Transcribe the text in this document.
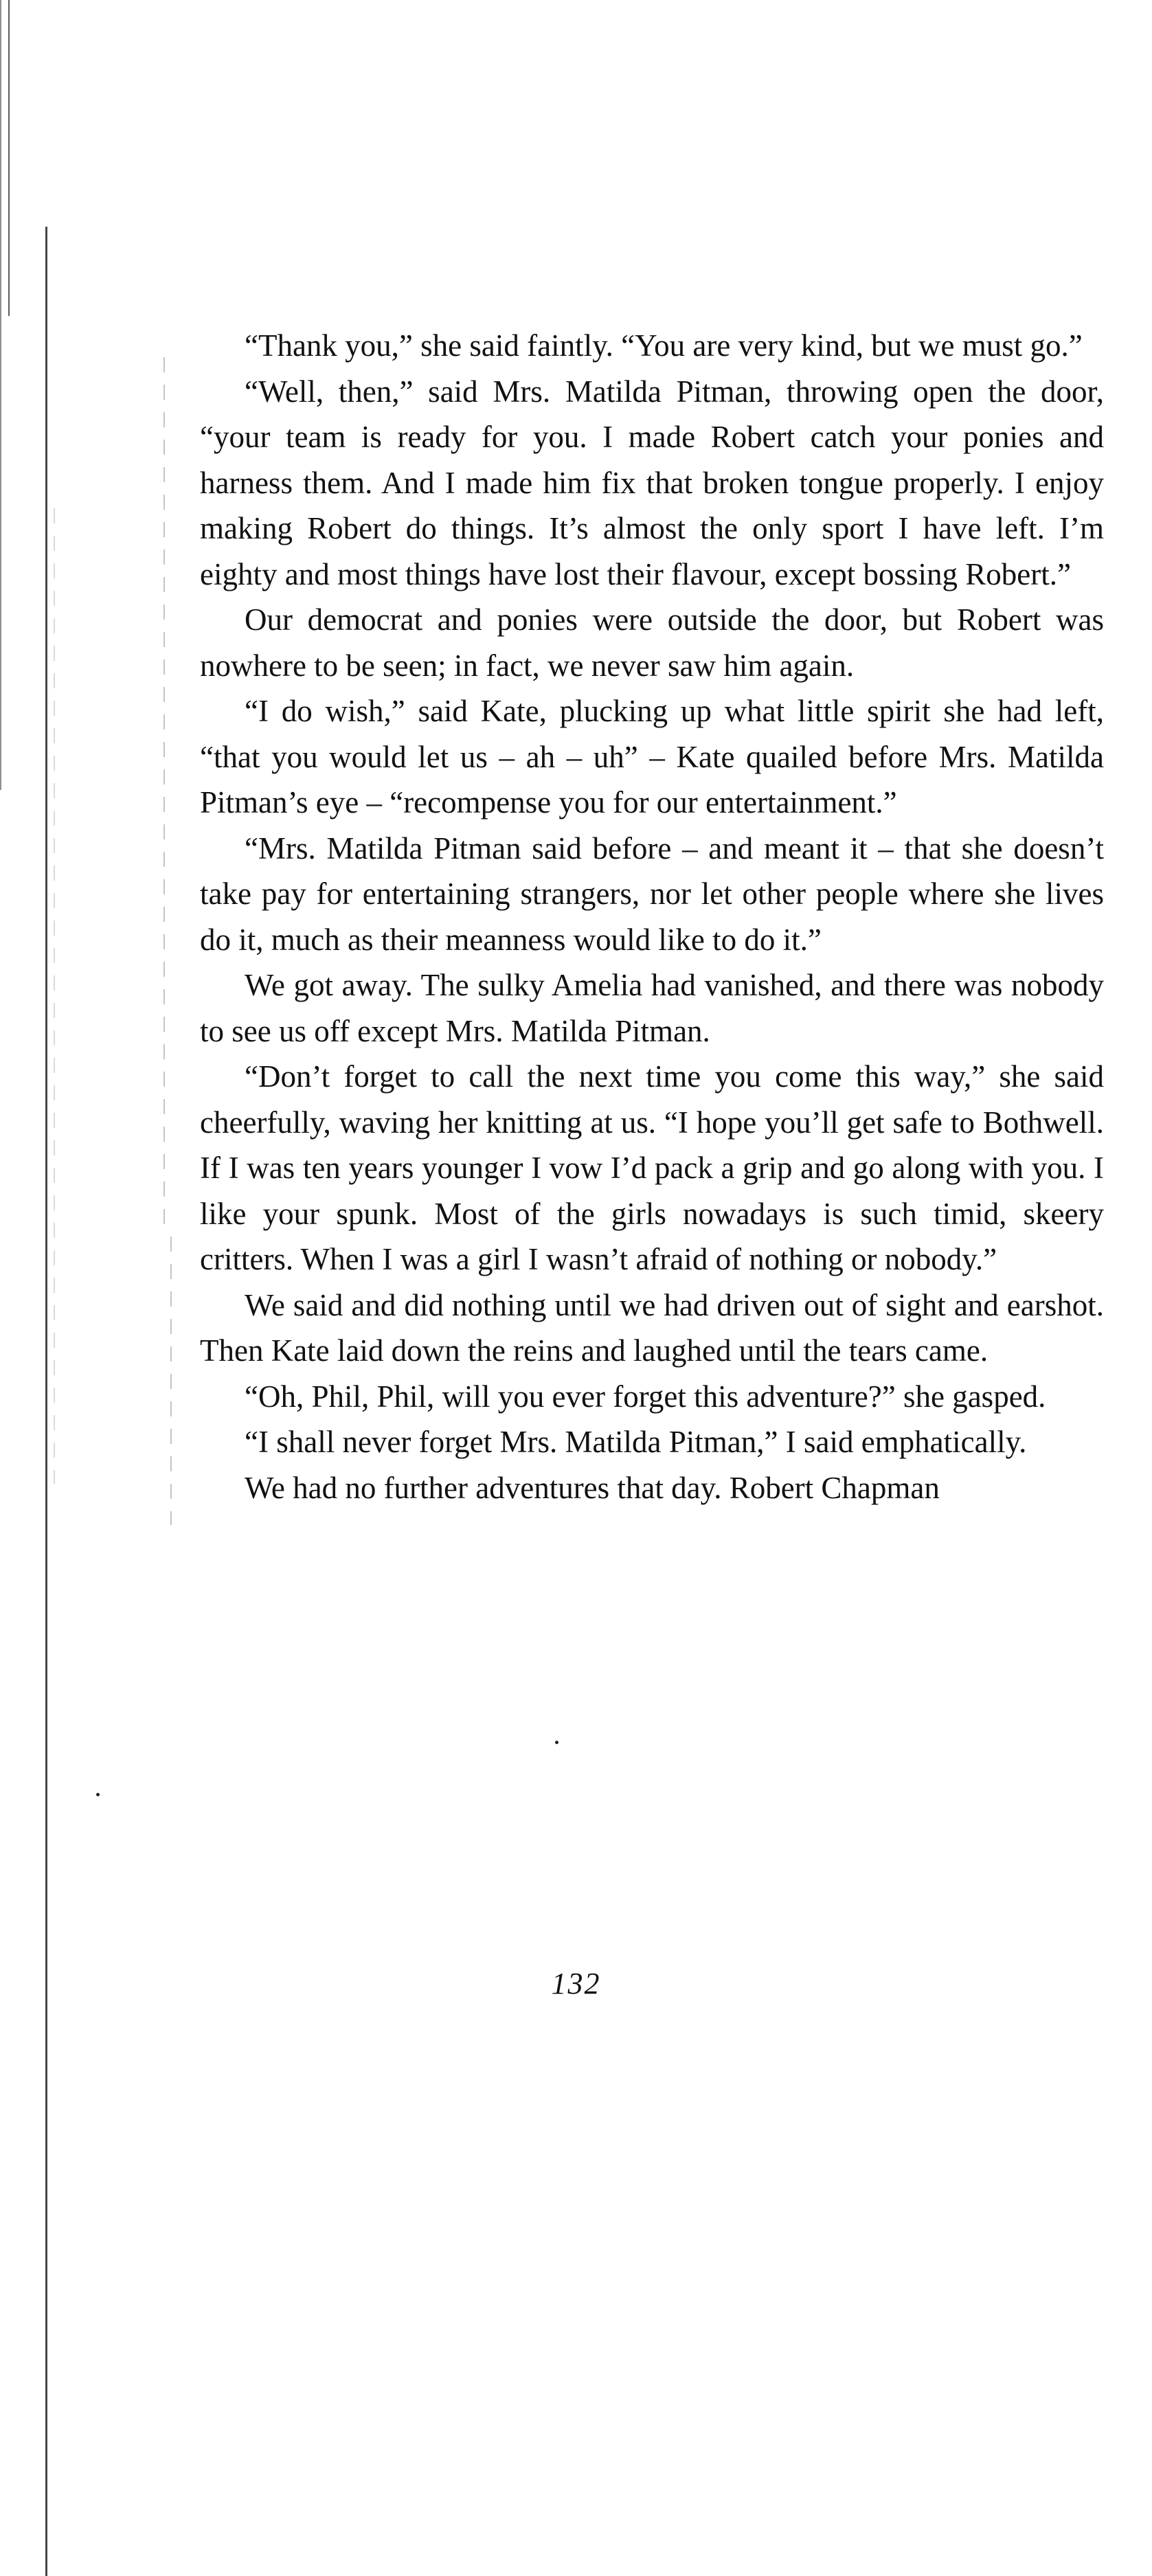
“Thank you,” she said faintly. “You are very kind, but we must go.”

“Well, then,” said Mrs. Matilda Pitman, throwing open the door, “your team is ready for you. I made Robert catch your ponies and harness them. And I made him fix that broken tongue properly. I enjoy making Robert do things. It’s almost the only sport I have left. I’m eighty and most things have lost their flavour, except bossing Robert.”

Our democrat and ponies were outside the door, but Robert was nowhere to be seen; in fact, we never saw him again.

“I do wish,” said Kate, plucking up what little spirit she had left, “that you would let us – ah – uh” – Kate quailed before Mrs. Matilda Pitman’s eye – “recompense you for our entertainment.”

“Mrs. Matilda Pitman said before – and meant it – that she doesn’t take pay for entertaining strangers, nor let other people where she lives do it, much as their meanness would like to do it.”

We got away. The sulky Amelia had vanished, and there was nobody to see us off except Mrs. Matilda Pitman.

“Don’t forget to call the next time you come this way,” she said cheerfully, waving her knitting at us. “I hope you’ll get safe to Bothwell. If I was ten years younger I vow I’d pack a grip and go along with you. I like your spunk. Most of the girls nowadays is such timid, skeery critters. When I was a girl I wasn’t afraid of nothing or nobody.”

We said and did nothing until we had driven out of sight and earshot. Then Kate laid down the reins and laughed until the tears came.

“Oh, Phil, Phil, will you ever forget this adventure?” she gasped.

“I shall never forget Mrs. Matilda Pitman,” I said emphatically.

We had no further adventures that day. Robert Chapman

132
